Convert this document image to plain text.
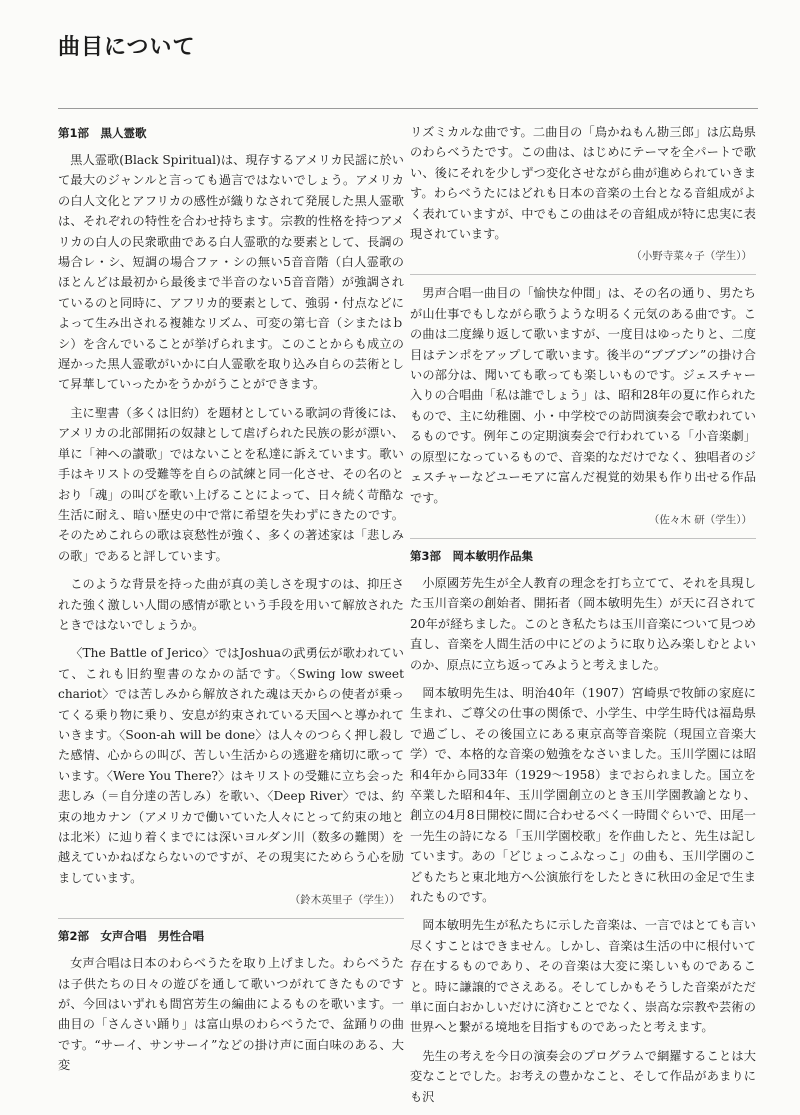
曲目について
第1部　黒人霊歌

黒人霊歌(Black Spiritual)は、現存するアメリカ民謡に於いて最大のジャンルと言っても過言ではないでしょう。アメリカの白人文化とアフリカの感性が織りなされて発展した黒人霊歌は、それぞれの特性を合わせ持ちます。宗教的性格を持つアメリカの白人の民衆歌曲である白人霊歌的な要素として、長調の場合レ・シ、短調の場合ファ・シの無い5音音階（白人霊歌のほとんどは最初から最後まで半音のない5音音階）が強調されているのと同時に、アフリカ的要素として、強弱・付点などによって生み出される複雑なリズム、可変の第七音（シまたはｂシ）を含んでいることが挙げられます。このことからも成立の遅かった黒人霊歌がいかに白人霊歌を取り込み自らの芸術として昇華していったかをうかがうことができます。

主に聖書（多くは旧約）を題材としている歌詞の背後には、アメリカの北部開拓の奴隷として虐げられた民族の影が漂い、単に「神への讃歌」ではないことを私達に訴えています。歌い手はキリストの受難等を自らの試練と同一化させ、その名のとおり「魂」の叫びを歌い上げることによって、日々続く苛酷な生活に耐え、暗い歴史の中で常に希望を失わずにきたのです。そのためこれらの歌は哀愁性が強く、多くの著述家は「悲しみの歌」であると評しています。

このような背景を持った曲が真の美しさを現すのは、抑圧された強く激しい人間の感情が歌という手段を用いて解放されたときではないでしょうか。

〈The Battle of Jerico〉ではJoshuaの武勇伝が歌われていて、これも旧約聖書のなかの話です。〈Swing low sweet chariot〉では苦しみから解放された魂は天からの使者が乗ってくる乗り物に乗り、安息が約束されている天国へと導かれていきます。〈Soon-ah will be done〉は人々のつらく押し殺した感情、心からの叫び、苦しい生活からの逃避を痛切に歌っています。〈Were You There?〉はキリストの受難に立ち会った悲しみ（＝自分達の苦しみ）を歌い、〈Deep River〉では、約束の地カナン（アメリカで働いていた人々にとって約束の地とは北米）に辿り着くまでには深いヨルダン川（数多の難関）を越えていかねばならないのですが、その現実にためらう心を励ましています。

（鈴木英里子（学生））
第2部　女声合唱　男性合唱

女声合唱は日本のわらべうたを取り上げました。わらべうたは子供たちの日々の遊びを通して歌いつがれてきたものですが、今回はいずれも間宮芳生の編曲によるものを歌います。一曲目の「さんさい踊り」は富山県のわらべうたで、盆踊りの曲です。“サーイ、サンサーイ”などの掛け声に面白味のある、大変

リズミカルな曲です。二曲目の「鳥かねもん勘三郎」は広島県のわらべうたです。この曲は、はじめにテーマを全パートで歌い、後にそれを少しずつ変化させながら曲が進められていきます。わらべうたにはどれも日本の音楽の土台となる音組成がよく表れていますが、中でもこの曲はその音組成が特に忠実に表現されています。

（小野寺菜々子（学生））

男声合唱一曲目の「愉快な仲間」は、その名の通り、男たちが山仕事でもしながら歌うような明るく元気のある曲です。この曲は二度繰り返して歌いますが、一度目はゆったりと、二度目はテンポをアップして歌います。後半の“ブブブン”の掛け合いの部分は、聞いても歌っても楽しいものです。ジェスチャー入りの合唱曲「私は誰でしょう」は、昭和28年の夏に作られたもので、主に幼稚園、小・中学校での訪問演奏会で歌われているものです。例年この定期演奏会で行われている「小音楽劇」の原型になっているもので、音楽的なだけでなく、独唱者のジェスチャーなどユーモアに富んだ視覚的効果も作り出せる作品です。

（佐々木 研（学生））
第3部　岡本敏明作品集

小原國芳先生が全人教育の理念を打ち立てて、それを具現した玉川音楽の創始者、開拓者（岡本敏明先生）が天に召されて20年が経ちました。このとき私たちは玉川音楽について見つめ直し、音楽を人間生活の中にどのように取り込み楽しむとよいのか、原点に立ち返ってみようと考えました。

岡本敏明先生は、明治40年（1907）宮崎県で牧師の家庭に生まれ、ご尊父の仕事の関係で、小学生、中学生時代は福島県で過ごし、その後国立にある東京高等音楽院（現国立音楽大学）で、本格的な音楽の勉強をなさいました。玉川学園には昭和4年から同33年（1929〜1958）までおられました。国立を卒業した昭和4年、玉川学園創立のとき玉川学園教諭となり、創立の4月8日開校に間に合わせるべく一時間ぐらいで、田尾一一先生の詩になる「玉川学園校歌」を作曲したと、先生は記しています。あの「どじょっこふなっこ」の曲も、玉川学園のこどもたちと東北地方へ公演旅行をしたときに秋田の金足で生まれたものです。

岡本敏明先生が私たちに示した音楽は、一言ではとても言い尽くすことはできません。しかし、音楽は生活の中に根付いて存在するものであり、その音楽は大変に楽しいものであること。時に謙譲的でさえある。そしてしかもそうした音楽がただ単に面白おかしいだけに済むことでなく、崇高な宗教や芸術の世界へと繋がる境地を目指すものであったと考えます。

先生の考えを今日の演奏会のプログラムで網羅することは大変なことでした。お考えの豊かなこと、そして作品があまりにも沢
